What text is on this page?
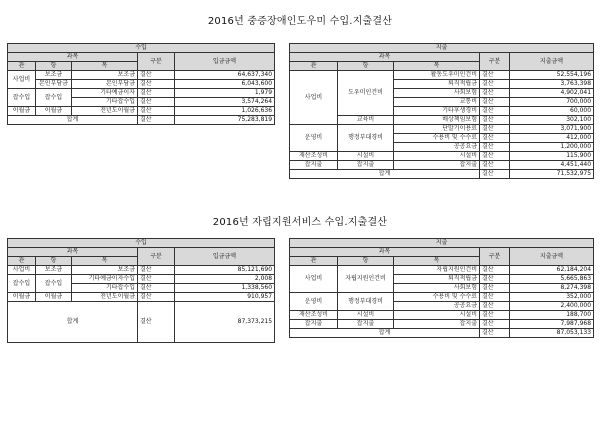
2016년 중증장애인도우미 수입.지출결산
수입				
과목			구분	입금금액
관	항	목		
사업비	보조금	보조금	결산	64,637,340
	본인부담금	본인부담금	결산	6,043,600
잡수입	잡수입	기타예금이자	결산	1,979
		기타잡수입	결산	3,574,264
이월금	이월금	전년도이월금	결산	1,026,636
합계			결산	75,283,819
지출				
과목			구분	지출금액
관	항	목		
사업비	도우미인건비	활동도우미인건비	결산	52,554,196
		퇴직적립금	결산	3,763,398
		사회보험	결산	4,902,041
		교통비	결산	700,000
		기타후생경비	결산	60,000
	교육비	배상책임보험	결산	302,100
운영비	행정부대경비	단말기이용료	결산	3,071,900
		수용비 및 수수료	결산	412,000
		공공요금	결산	1,200,000
재산조성비	시설비	시설비	결산	115,900
잡지출	잡지출	잡지출	결산	4,451,440
합계			결산	71,532,975
2016년 자립지원서비스 수입.지출결산
수입				
과목			구분	입금금액
관	항	목		
사업비	보조금	보조금	결산	85,121,690
잡수입	잡수입	기타예금이자수입	결산	2,008
		기타잡수입	결산	1,338,560
이월금	이월금	전년도이월금	결산	910,957
합계			결산	87,373,215
지출				
과목			구분	지출금액
관	항	목		
사업비	자립지원인건비	자립지원인건비	결산	62,184,204
		퇴직적립금	결산	5,665,863
		사회보험	결산	8,274,398
운영비	행정부대경비	수용비 및 수수료	결산	352,000
		공공요금	결산	2,400,000
재산조성비	시설비	시설비	결산	188,700
잡지출	잡지출	잡지출	결산	7,987,968
합계			결산	87,053,133
